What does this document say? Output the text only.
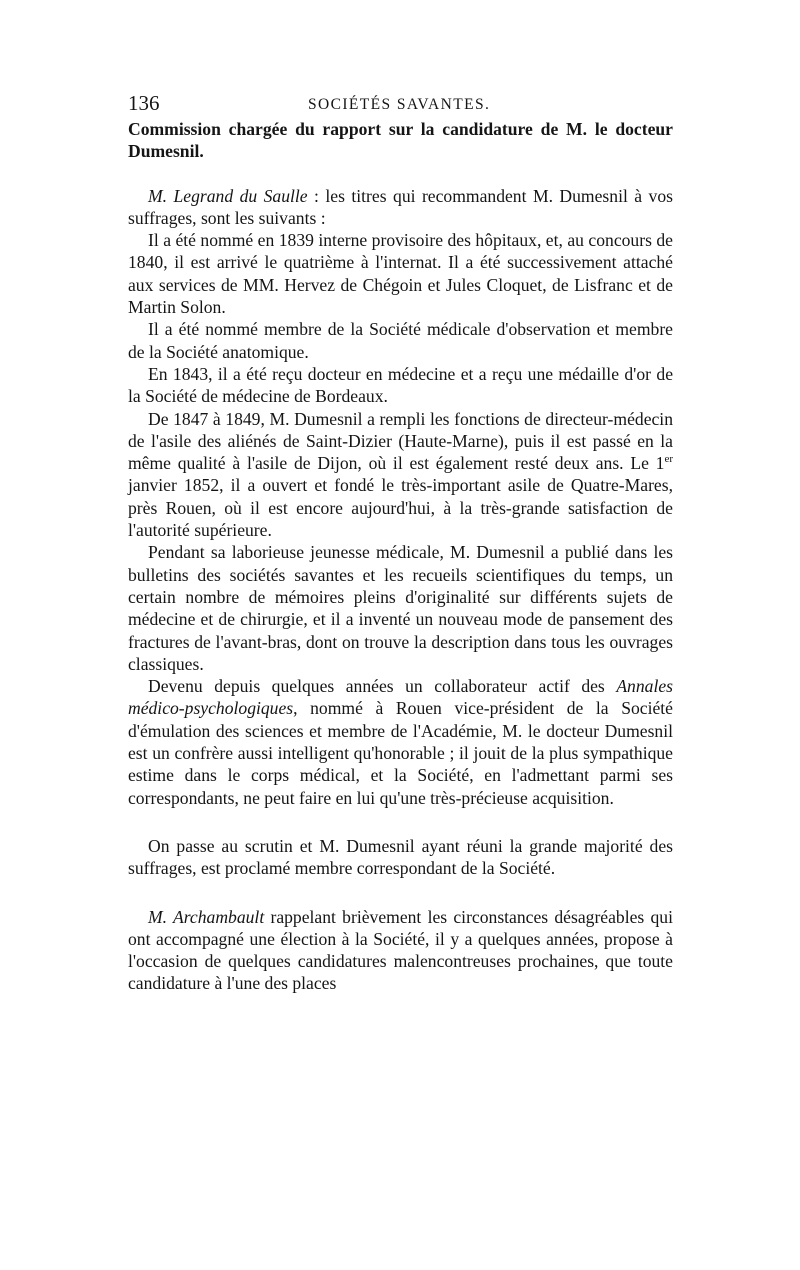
136	SOCIÉTÉS SAVANTES.

Commission chargée du rapport sur la candidature de M. le docteur Dumesnil.

M. Legrand du Saulle : les titres qui recommandent M. Dumesnil à vos suffrages, sont les suivants :

Il a été nommé en 1839 interne provisoire des hôpitaux, et, au concours de 1840, il est arrivé le quatrième à l'internat. Il a été successivement attaché aux services de MM. Hervez de Chégoin et Jules Cloquet, de Lisfranc et de Martin Solon.

Il a été nommé membre de la Société médicale d'observation et membre de la Société anatomique.

En 1843, il a été reçu docteur en médecine et a reçu une médaille d'or de la Société de médecine de Bordeaux.

De 1847 à 1849, M. Dumesnil a rempli les fonctions de directeur-médecin de l'asile des aliénés de Saint-Dizier (Haute-Marne), puis il est passé en la même qualité à l'asile de Dijon, où il est également resté deux ans. Le 1er janvier 1852, il a ouvert et fondé le très-important asile de Quatre-Mares, près Rouen, où il est encore aujourd'hui, à la très-grande satisfaction de l'autorité supérieure.

Pendant sa laborieuse jeunesse médicale, M. Dumesnil a publié dans les bulletins des sociétés savantes et les recueils scientifiques du temps, un certain nombre de mémoires pleins d'originalité sur différents sujets de médecine et de chirurgie, et il a inventé un nouveau mode de pansement des fractures de l'avant-bras, dont on trouve la description dans tous les ouvrages classiques.

Devenu depuis quelques années un collaborateur actif des Annales médico-psychologiques, nommé à Rouen vice-président de la Société d'émulation des sciences et membre de l'Académie, M. le docteur Dumesnil est un confrère aussi intelligent qu'honorable ; il jouit de la plus sympathique estime dans le corps médical, et la Société, en l'admettant parmi ses correspondants, ne peut faire en lui qu'une très-précieuse acquisition.

On passe au scrutin et M. Dumesnil ayant réuni la grande majorité des suffrages, est proclamé membre correspondant de la Société.

M. Archambault rappelant brièvement les circonstances désagréables qui ont accompagné une élection à la Société, il y a quelques années, propose à l'occasion de quelques candidatures malencontreuses prochaines, que toute candidature à l'une des places
